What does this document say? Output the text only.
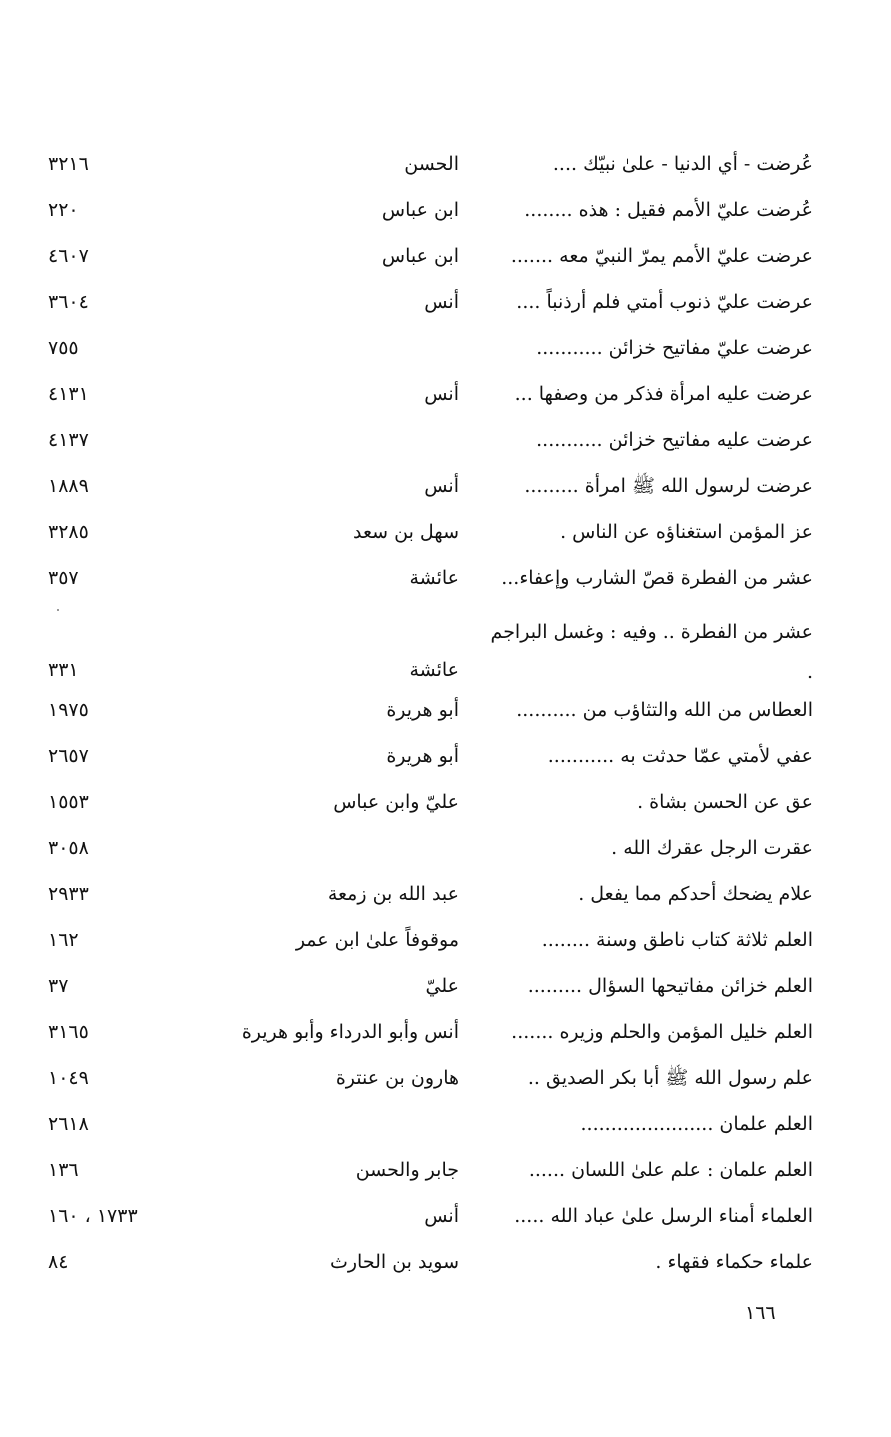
عُرضت - أي الدنيا - علىٰ نبيّك ....
الحسن
٣٢١٦
عُرضت عليّ الأمم فقيل : هذه ........
ابن عباس
٢٢٠
عرضت عليّ الأمم يمرّ النبيّ معه .......
ابن عباس
٤٦٠٧
عرضت عليّ ذنوب أمتي فلم أرذنباً ....
أنس
٣٦٠٤
عرضت عليّ مفاتيح خزائن ...........
٧٥٥
عرضت عليه امرأة فذكر من وصفها ...
أنس
٤١٣١
عرضت عليه مفاتيح خزائن ...........
٤١٣٧
عرضت لرسول الله ﷺ امرأة .........
أنس
١٨٨٩
عز المؤمن استغناؤه عن الناس .
سهل بن سعد
٣٢٨٥
عشر من الفطرة قصّ الشارب وإعفاء...
عائشة
٣٥٧
عشر من الفطرة .. وفيه : وغسل البراجم .
عائشة
٣٣١
العطاس من الله والتثاؤب من ..........
أبو هريرة
١٩٧٥
عفي لأمتي عمّا حدثت به ...........
أبو هريرة
٢٦٥٧
عق عن الحسن بشاة .
عليّ وابن عباس
١٥٥٣
عقرت الرجل عقرك الله .
٣٠٥٨
علام يضحك أحدكم مما يفعل .
عبد الله بن زمعة
٢٩٣٣
العلم ثلاثة كتاب ناطق وسنة ........
موقوفاً علىٰ ابن عمر
١٦٢
العلم خزائن مفاتيحها السؤال .........
عليّ
٣٧
العلم خليل المؤمن والحلم وزيره .......
أنس وأبو الدرداء وأبو هريرة
٣١٦٥
علم رسول الله ﷺ أبا بكر الصديق ..
هارون بن عنترة
١٠٤٩
العلم علمان ......................
٢٦١٨
العلم علمان : علم علىٰ اللسان ......
جابر والحسن
١٣٦
العلماء أمناء الرسل علىٰ عباد الله .....
أنس
١٧٣٣ ، ١٦٠
علماء حكماء فقهاء .
سويد بن الحارث
٨٤
١٦٦
